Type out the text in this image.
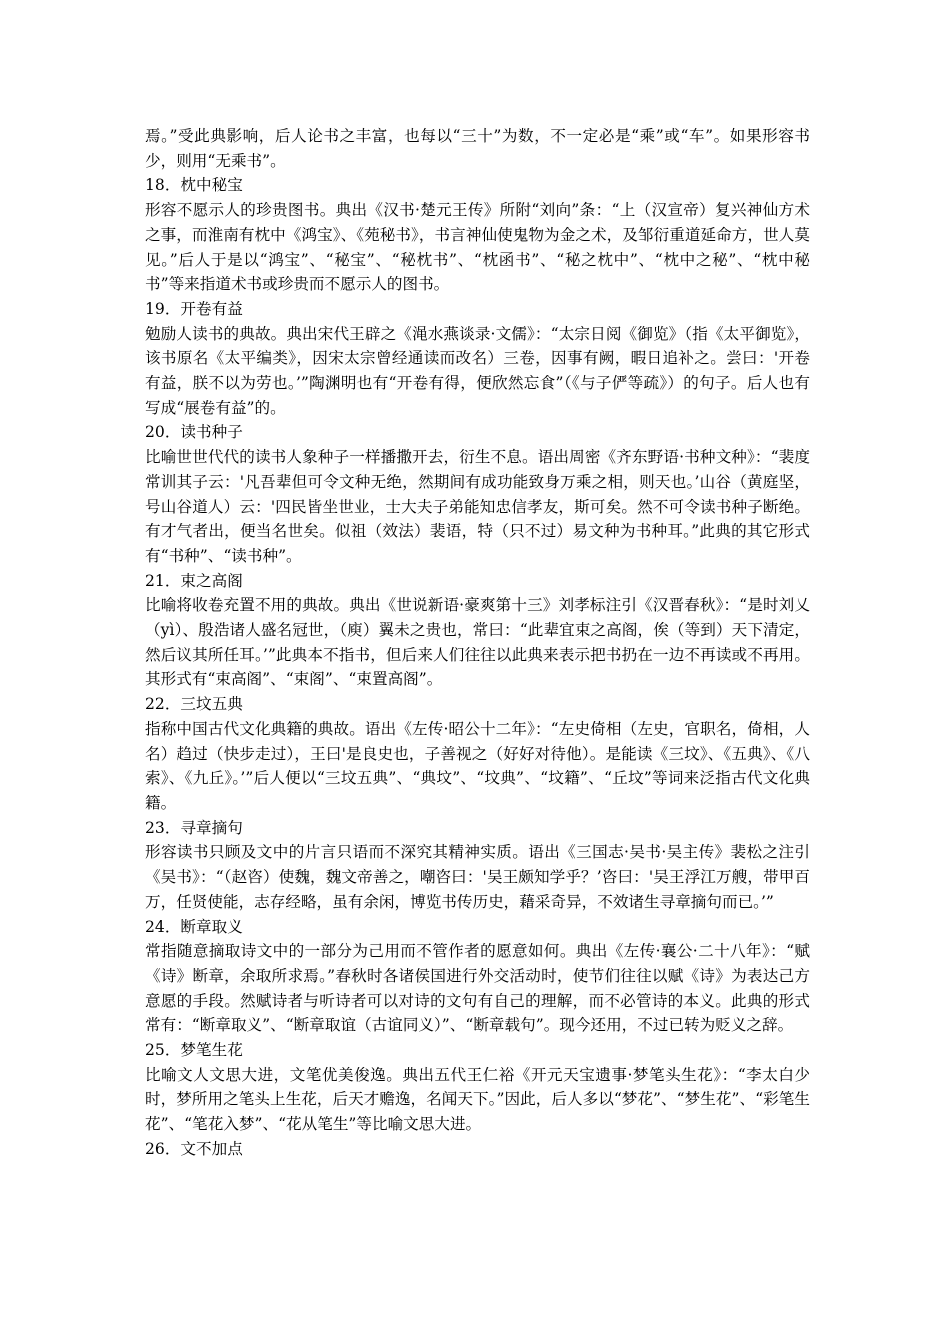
焉。”受此典影响，后人论书之丰富，也每以“三十”为数，不一定必是“乘”或“车”。如果形容书少，则用“无乘书”。

18．枕中秘宝

形容不愿示人的珍贵图书。典出《汉书·楚元王传》所附“刘向”条：“上（汉宣帝）复兴神仙方术之事，而淮南有枕中《鸿宝》、《苑秘书》，书言神仙使鬼物为金之术，及邹衍重道延命方，世人莫见。”后人于是以“鸿宝”、“秘宝”、“秘枕书”、“枕函书”、“秘之枕中”、“枕中之秘”、“枕中秘书”等来指道术书或珍贵而不愿示人的图书。

19．开卷有益

勉励人读书的典故。典出宋代王辟之《渑水燕谈录·文儒》：“太宗日阅《御览》（指《太平御览》，该书原名《太平编类》，因宋太宗曾经通读而改名）三卷，因事有阙，暇日追补之。尝曰：'开卷有益，朕不以为劳也。’”陶渊明也有“开卷有得，便欣然忘食”（《与子俨等疏》）的句子。后人也有写成“展卷有益”的。

20．读书种子

比喻世世代代的读书人象种子一样播撒开去，衍生不息。语出周密《齐东野语·书种文种》：“裴度常训其子云：'凡吾辈但可令文种无绝，然期间有成功能致身万乘之相，则天也。’山谷（黄庭坚，号山谷道人）云：'四民皆坐世业，士大夫子弟能知忠信孝友，斯可矣。然不可令读书种子断绝。有才气者出，便当名世矣。似祖（效法）裴语，特（只不过）易文种为书种耳。”此典的其它形式有“书种”、“读书种”。

21．束之高阁

比喻将收卷充置不用的典故。典出《世说新语·豪爽第十三》刘孝标注引《汉晋春秋》：“是时刘乂（yì）、殷浩诸人盛名冠世，（庾）翼未之贵也，常曰：“此辈宜束之高阁，俟（等到）天下清定，然后议其所任耳。’”此典本不指书，但后来人们往往以此典来表示把书扔在一边不再读或不再用。其形式有“束高阁”、“束阁”、“束置高阁”。

22．三坟五典

指称中国古代文化典籍的典故。语出《左传·昭公十二年》：“左史倚相（左史，官职名，倚相，人名）趋过（快步走过），王曰'是良史也，子善视之（好好对待他）。是能读《三坟》、《五典》、《八索》、《九丘》。’”后人便以“三坟五典”、“典坟”、“坟典”、“坟籍”、“丘坟”等词来泛指古代文化典籍。

23．寻章摘句

形容读书只顾及文中的片言只语而不深究其精神实质。语出《三国志·吴书·吴主传》裴松之注引《吴书》：“（赵咨）使魏，魏文帝善之，嘲咨曰：'吴王颇知学乎？’咨曰：'吴王浮江万艘，带甲百万，任贤使能，志存经略，虽有余闲，博览书传历史，藉采奇异，不效诸生寻章摘句而已。’”

24．断章取义

常指随意摘取诗文中的一部分为己用而不管作者的愿意如何。典出《左传·襄公·二十八年》：“赋《诗》断章，余取所求焉。”春秋时各诸侯国进行外交活动时，使节们往往以赋《诗》为表达己方意愿的手段。然赋诗者与听诗者可以对诗的文句有自己的理解，而不必管诗的本义。此典的形式常有：“断章取义”、“断章取谊（古谊同义）”、“断章载句”。现今还用，不过已转为贬义之辞。

25．梦笔生花

比喻文人文思大进，文笔优美俊逸。典出五代王仁裕《开元天宝遗事·梦笔头生花》：“李太白少时，梦所用之笔头上生花，后天才赡逸，名闻天下。”因此，后人多以“梦花”、“梦生花”、“彩笔生花”、“笔花入梦”、“花从笔生”等比喻文思大进。

26．文不加点
